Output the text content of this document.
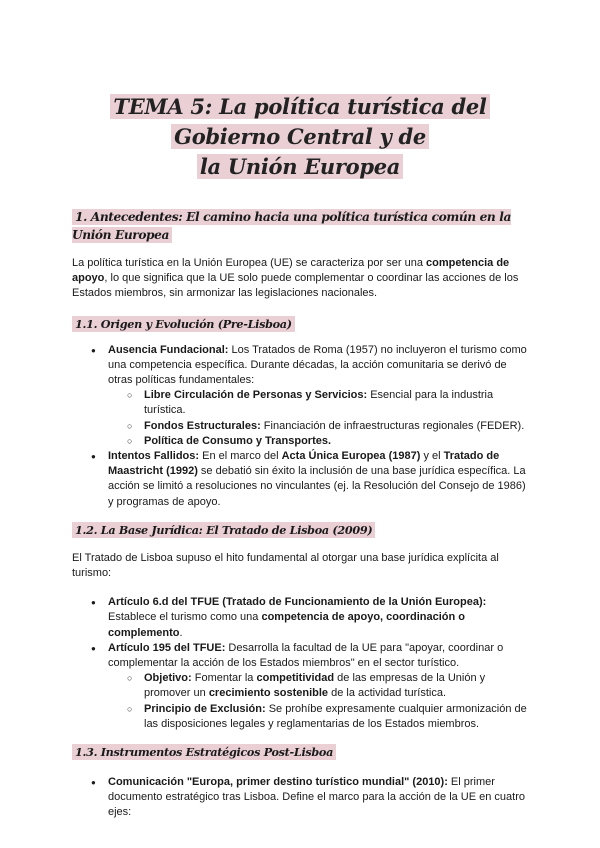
TEMA 5: La política turística del Gobierno Central y de
la Unión Europea
1. Antecedentes: El camino hacia una política turística común en la Unión Europea

La política turística en la Unión Europea (UE) se caracteriza por ser una competencia de apoyo, lo que significa que la UE solo puede complementar o coordinar las acciones de los Estados miembros, sin armonizar las legislaciones nacionales.

1.1. Origen y Evolución (Pre-Lisboa)
● Ausencia Fundacional: Los Tratados de Roma (1957) no incluyeron el turismo como una competencia específica. Durante décadas, la acción comunitaria se derivó de otras políticas fundamentales:
○ Libre Circulación de Personas y Servicios: Esencial para la industria turística.
○ Fondos Estructurales: Financiación de infraestructuras regionales (FEDER).
○ Política de Consumo y Transportes.
● Intentos Fallidos: En el marco del Acta Única Europea (1987) y el Tratado de Maastricht (1992) se debatió sin éxito la inclusión de una base jurídica específica. La acción se limitó a resoluciones no vinculantes (ej. la Resolución del Consejo de 1986) y programas de apoyo.
1.2. La Base Jurídica: El Tratado de Lisboa (2009)

El Tratado de Lisboa supuso el hito fundamental al otorgar una base jurídica explícita al turismo:

● Artículo 6.d del TFUE (Tratado de Funcionamiento de la Unión Europea): Establece el turismo como una competencia de apoyo, coordinación o complemento.
● Artículo 195 del TFUE: Desarrolla la facultad de la UE para "apoyar, coordinar o complementar la acción de los Estados miembros" en el sector turístico.
○ Objetivo: Fomentar la competitividad de las empresas de la Unión y promover un crecimiento sostenible de la actividad turística.
○ Principio de Exclusión: Se prohíbe expresamente cualquier armonización de las disposiciones legales y reglamentarias de los Estados miembros.
1.3. Instrumentos Estratégicos Post-Lisboa
● Comunicación "Europa, primer destino turístico mundial" (2010): El primer documento estratégico tras Lisboa. Define el marco para la acción de la UE en cuatro ejes:
